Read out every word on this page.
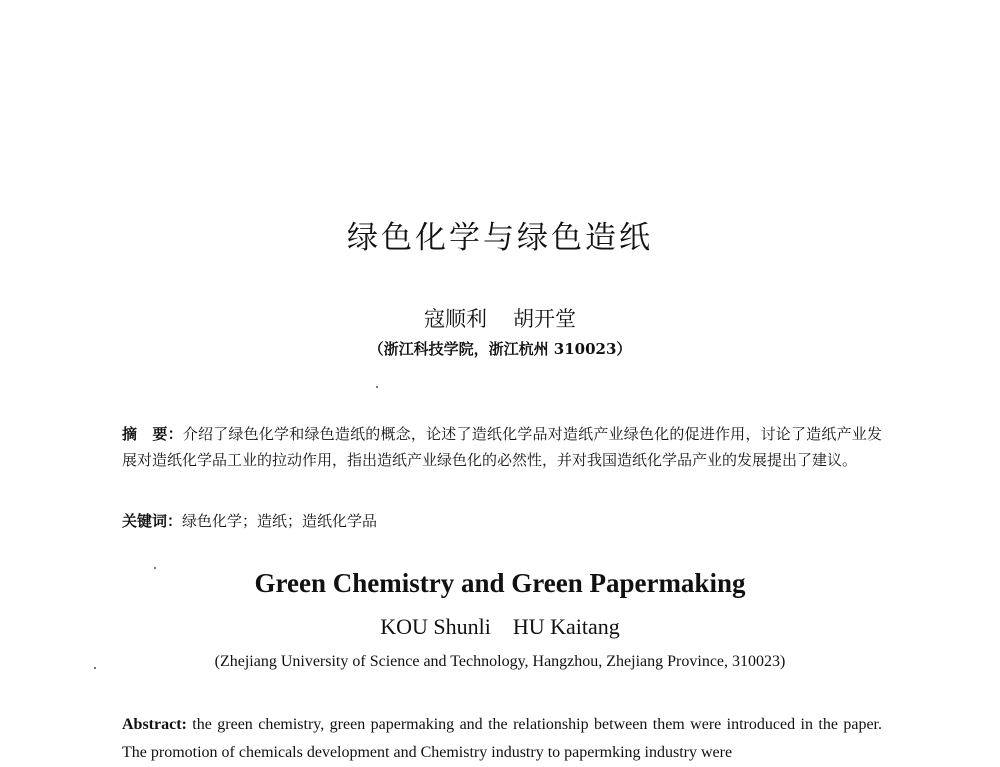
绿色化学与绿色造纸
寇顺利 胡开堂
（浙江科技学院，浙江杭州 310023）
摘　要：介绍了绿色化学和绿色造纸的概念，论述了造纸化学品对造纸产业绿色化的促进作用，讨论了造纸产业发展对造纸化学品工业的拉动作用，指出造纸产业绿色化的必然性，并对我国造纸化学品产业的发展提出了建议。
关键词：绿色化学；造纸；造纸化学品
Green Chemistry and Green Papermaking
KOU Shunli HU Kaitang
(Zhejiang University of Science and Technology, Hangzhou, Zhejiang Province, 310023)
Abstract: the green chemistry, green papermaking and the relationship between them were introduced in the paper. The promotion of chemicals development and Chemistry industry to papermking industry were
